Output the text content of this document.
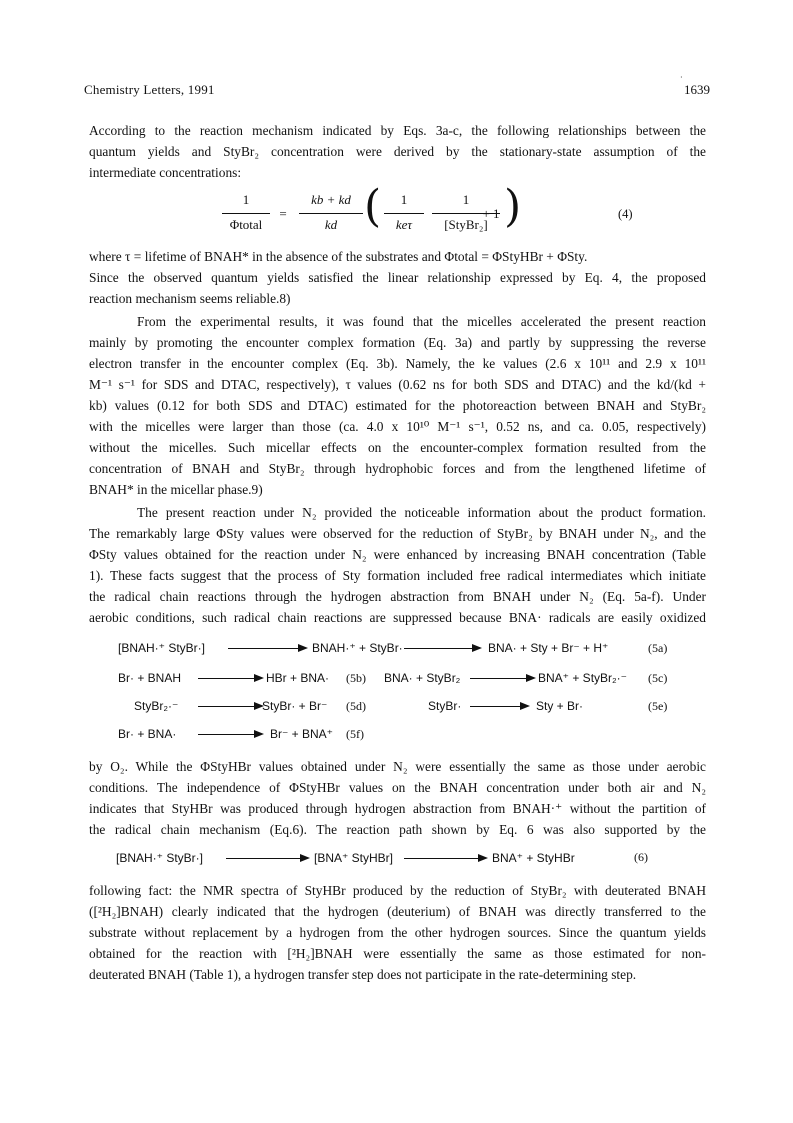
Chemistry Letters, 1991
·
1639
According to the reaction mechanism indicated by Eqs. 3a-c, the following relationships between the
quantum yields and StyBr₂ concentration were derived by the stationary-state assumption of the
intermediate concentrations:
1
Φtotal
=
kb + kd
kd (	1
keτ
1
[StyBr₂]
+ 1 )	(4)
where τ = lifetime of BNAH* in the absence of the substrates and Φtotal = ΦStyHBr + ΦSty.
Since the observed quantum yields satisfied the linear relationship expressed by Eq. 4, the proposed
reaction mechanism seems reliable.8)
From the experimental results, it was found that the micelles accelerated the present reaction
mainly by promoting the encounter complex formation (Eq. 3a) and partly by suppressing the reverse
electron transfer in the encounter complex (Eq. 3b). Namely, the ke values (2.6 x 10¹¹ and 2.9 x 10¹¹
M⁻¹ s⁻¹ for SDS and DTAC, respectively), τ values (0.62 ns for both SDS and DTAC) and the kd/(kd +
kb) values (0.12 for both SDS and DTAC) estimated for the photoreaction between BNAH and StyBr₂
with the micelles were larger than those (ca. 4.0 x 10¹⁰ M⁻¹ s⁻¹, 0.52 ns, and ca. 0.05, respectively)
without the micelles. Such micellar effects on the encounter-complex formation resulted from the
concentration of BNAH and StyBr₂ through hydrophobic forces and from the lengthened lifetime of
BNAH* in the micellar phase.9)
The present reaction under N₂ provided the noticeable information about the product formation.
The remarkably large ΦSty values were observed for the reduction of StyBr₂ by BNAH under N₂, and the
ΦSty values obtained for the reaction under N₂ were enhanced by increasing BNAH concentration (Table
1). These facts suggest that the process of Sty formation included free radical intermediates which initiate
the radical chain reactions through the hydrogen abstraction from BNAH under N₂ (Eq. 5a-f). Under
aerobic conditions, such radical chain reactions are suppressed because BNA· radicals are easily oxidized
[BNAH·⁺ StyBr·]	BNAH·⁺ + StyBr·	BNA· + Sty + Br⁻ + H⁺	(5a)
Br· + BNAH	HBr + BNA· (5b) BNA· + StyBr₂	BNA⁺ + StyBr₂·⁻ (5c)
StyBr₂·⁻	StyBr· + Br⁻ (5d)	StyBr·	Sty + Br·	(5e)
Br· + BNA·	Br⁻ + BNA⁺ (5f)
by O₂. While the ΦStyHBr values obtained under N₂ were essentially the same as those under aerobic
conditions. The independence of ΦStyHBr values on the BNAH concentration under both air and N₂
indicates that StyHBr was produced through hydrogen abstraction from BNAH·⁺ without the partition of
the radical chain mechanism (Eq.6). The reaction path shown by Eq. 6 was also supported by the
[BNAH·⁺ StyBr·]	[BNA⁺ StyHBr]	BNA⁺ + StyHBr	(6)
following fact: the NMR spectra of StyHBr produced by the reduction of StyBr₂ with deuterated BNAH
([²H₂]BNAH) clearly indicated that the hydrogen (deuterium) of BNAH was directly transferred to the
substrate without replacement by a hydrogen from the other hydrogen sources. Since the quantum yields
obtained for the reaction with [²H₂]BNAH were essentially the same as those estimated for non-
deuterated BNAH (Table 1), a hydrogen transfer step does not participate in the rate-determining step.
